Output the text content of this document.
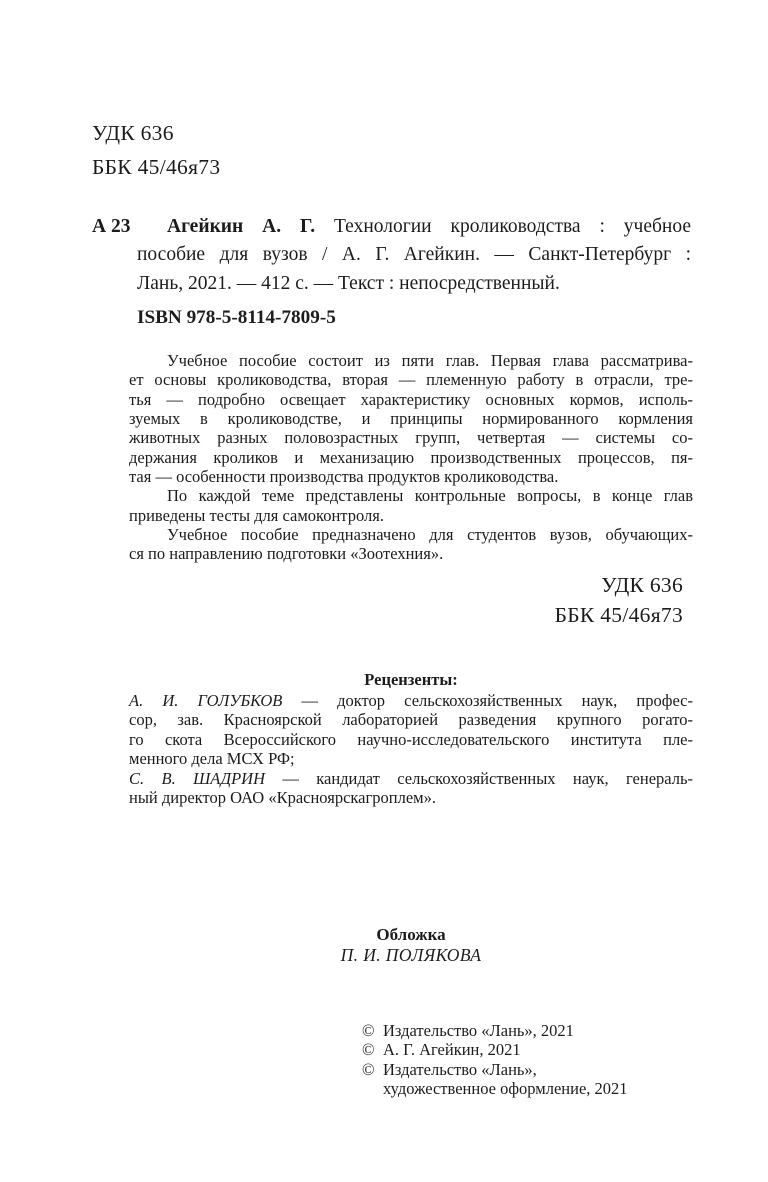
УДК 636
ББК 45/46я73
А 23	Агейкин А. Г. Технологии кролиководства : учебное
пособие для вузов / А. Г. Агейкин. — Санкт-Петербург :
Лань, 2021. — 412 с. — Текст : непосредственный.
ISBN 978-5-8114-7809-5
Учебное пособие состоит из пяти глав. Первая глава рассматрива-
ет основы кролиководства, вторая — племенную работу в отрасли, тре-
тья — подробно освещает характеристику основных кормов, исполь-
зуемых в кролиководстве, и принципы нормированного кормления
животных разных половозрастных групп, четвертая — системы со-
держания кроликов и механизацию производственных процессов, пя-
тая — особенности производства продуктов кролиководства.
По каждой теме представлены контрольные вопросы, в конце глав
приведены тесты для самоконтроля.
Учебное пособие предназначено для студентов вузов, обучающих-
ся по направлению подготовки «Зоотехния».
УДК 636
ББК 45/46я73
Рецензенты:
А. И. ГОЛУБКОВ — доктор сельскохозяйственных наук, профес-
сор, зав. Красноярской лабораторией разведения крупного рогато-
го скота Всероссийского научно-исследовательского института пле-
менного дела МСХ РФ;
С. В. ШАДРИН — кандидат сельскохозяйственных наук, генераль-
ный директор ОАО «Красноярскагроплем».
Обложка
П. И. ПОЛЯКОВА
© Издательство «Лань», 2021
© А. Г. Агейкин, 2021
© Издательство «Лань»,
художественное оформление, 2021
